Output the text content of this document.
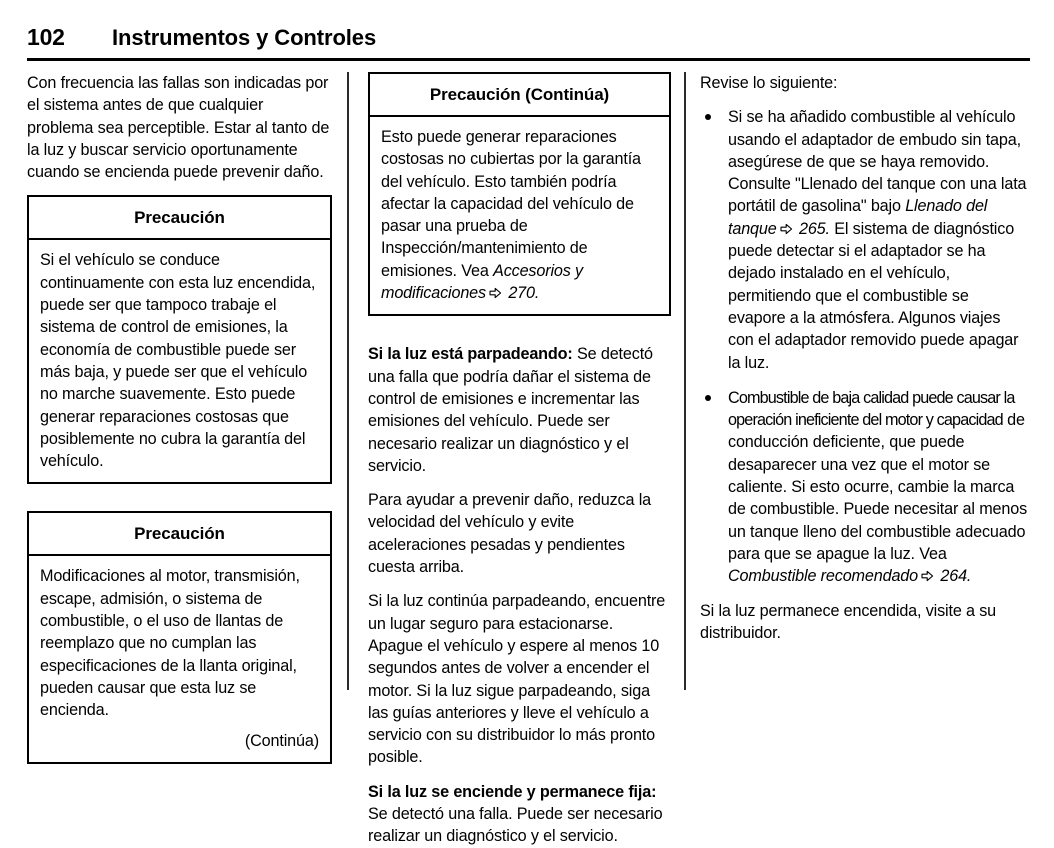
102	Instrumentos y Controles

Con frecuencia las fallas son indicadas por el sistema antes de que cualquier problema sea perceptible. Estar al tanto de la luz y buscar servicio oportunamente cuando se encienda puede prevenir daño.

Precaución

Si el vehículo se conduce continuamente con esta luz encendida, puede ser que tampoco trabaje el sistema de control de emisiones, la economía de combustible puede ser más baja, y puede ser que el vehículo no marche suavemente. Esto puede generar reparaciones costosas que posiblemente no cubra la garantía del vehículo.

Precaución

Modificaciones al motor, transmisión, escape, admisión, o sistema de combustible, o el uso de llantas de reemplazo que no cumplan las especificaciones de la llanta original, pueden causar que esta luz se encienda.

(Continúa)

Precaución (Continúa)

Esto puede generar reparaciones costosas no cubiertas por la garantía del vehículo. Esto también podría afectar la capacidad del vehículo de pasar una prueba de Inspección/mantenimiento de emisiones. Vea Accesorios y modificaciones
270.

Si la luz está parpadeando: Se detectó una falla que podría dañar el sistema de control de emisiones e incrementar las emisiones del vehículo. Puede ser necesario realizar un diagnóstico y el servicio.

Para ayudar a prevenir daño, reduzca la velocidad del vehículo y evite aceleraciones pesadas y pendientes cuesta arriba.

Si la luz continúa parpadeando, encuentre un lugar seguro para estacionarse. Apague el vehículo y espere al menos 10 segundos antes de volver a encender el motor. Si la luz sigue parpadeando, siga las guías anteriores y lleve el vehículo a servicio con su distribuidor lo más pronto posible.

Si la luz se enciende y permanece fija: Se detectó una falla. Puede ser necesario realizar un diagnóstico y el servicio.

Revise lo siguiente:

Si se ha añadido combustible al vehículo usando el adaptador de embudo sin tapa, asegúrese de que se haya removido. Consulte "Llenado del tanque con una lata portátil de gasolina" bajo Llenado del tanque
265. El sistema de diagnóstico puede detectar si el adaptador se ha dejado instalado en el vehículo, permitiendo que el combustible se evapore a la atmósfera. Algunos viajes con el adaptador removido puede apagar la luz.
Combustible de baja calidad puede causar la operación ineficiente del motor y capacidad de conducción deficiente, que puede desaparecer una vez que el motor se caliente. Si esto ocurre, cambie la marca de combustible. Puede necesitar al menos un tanque lleno del combustible adecuado para que se apague la luz. Vea Combustible recomendado
264.

Si la luz permanece encendida, visite a su distribuidor.
